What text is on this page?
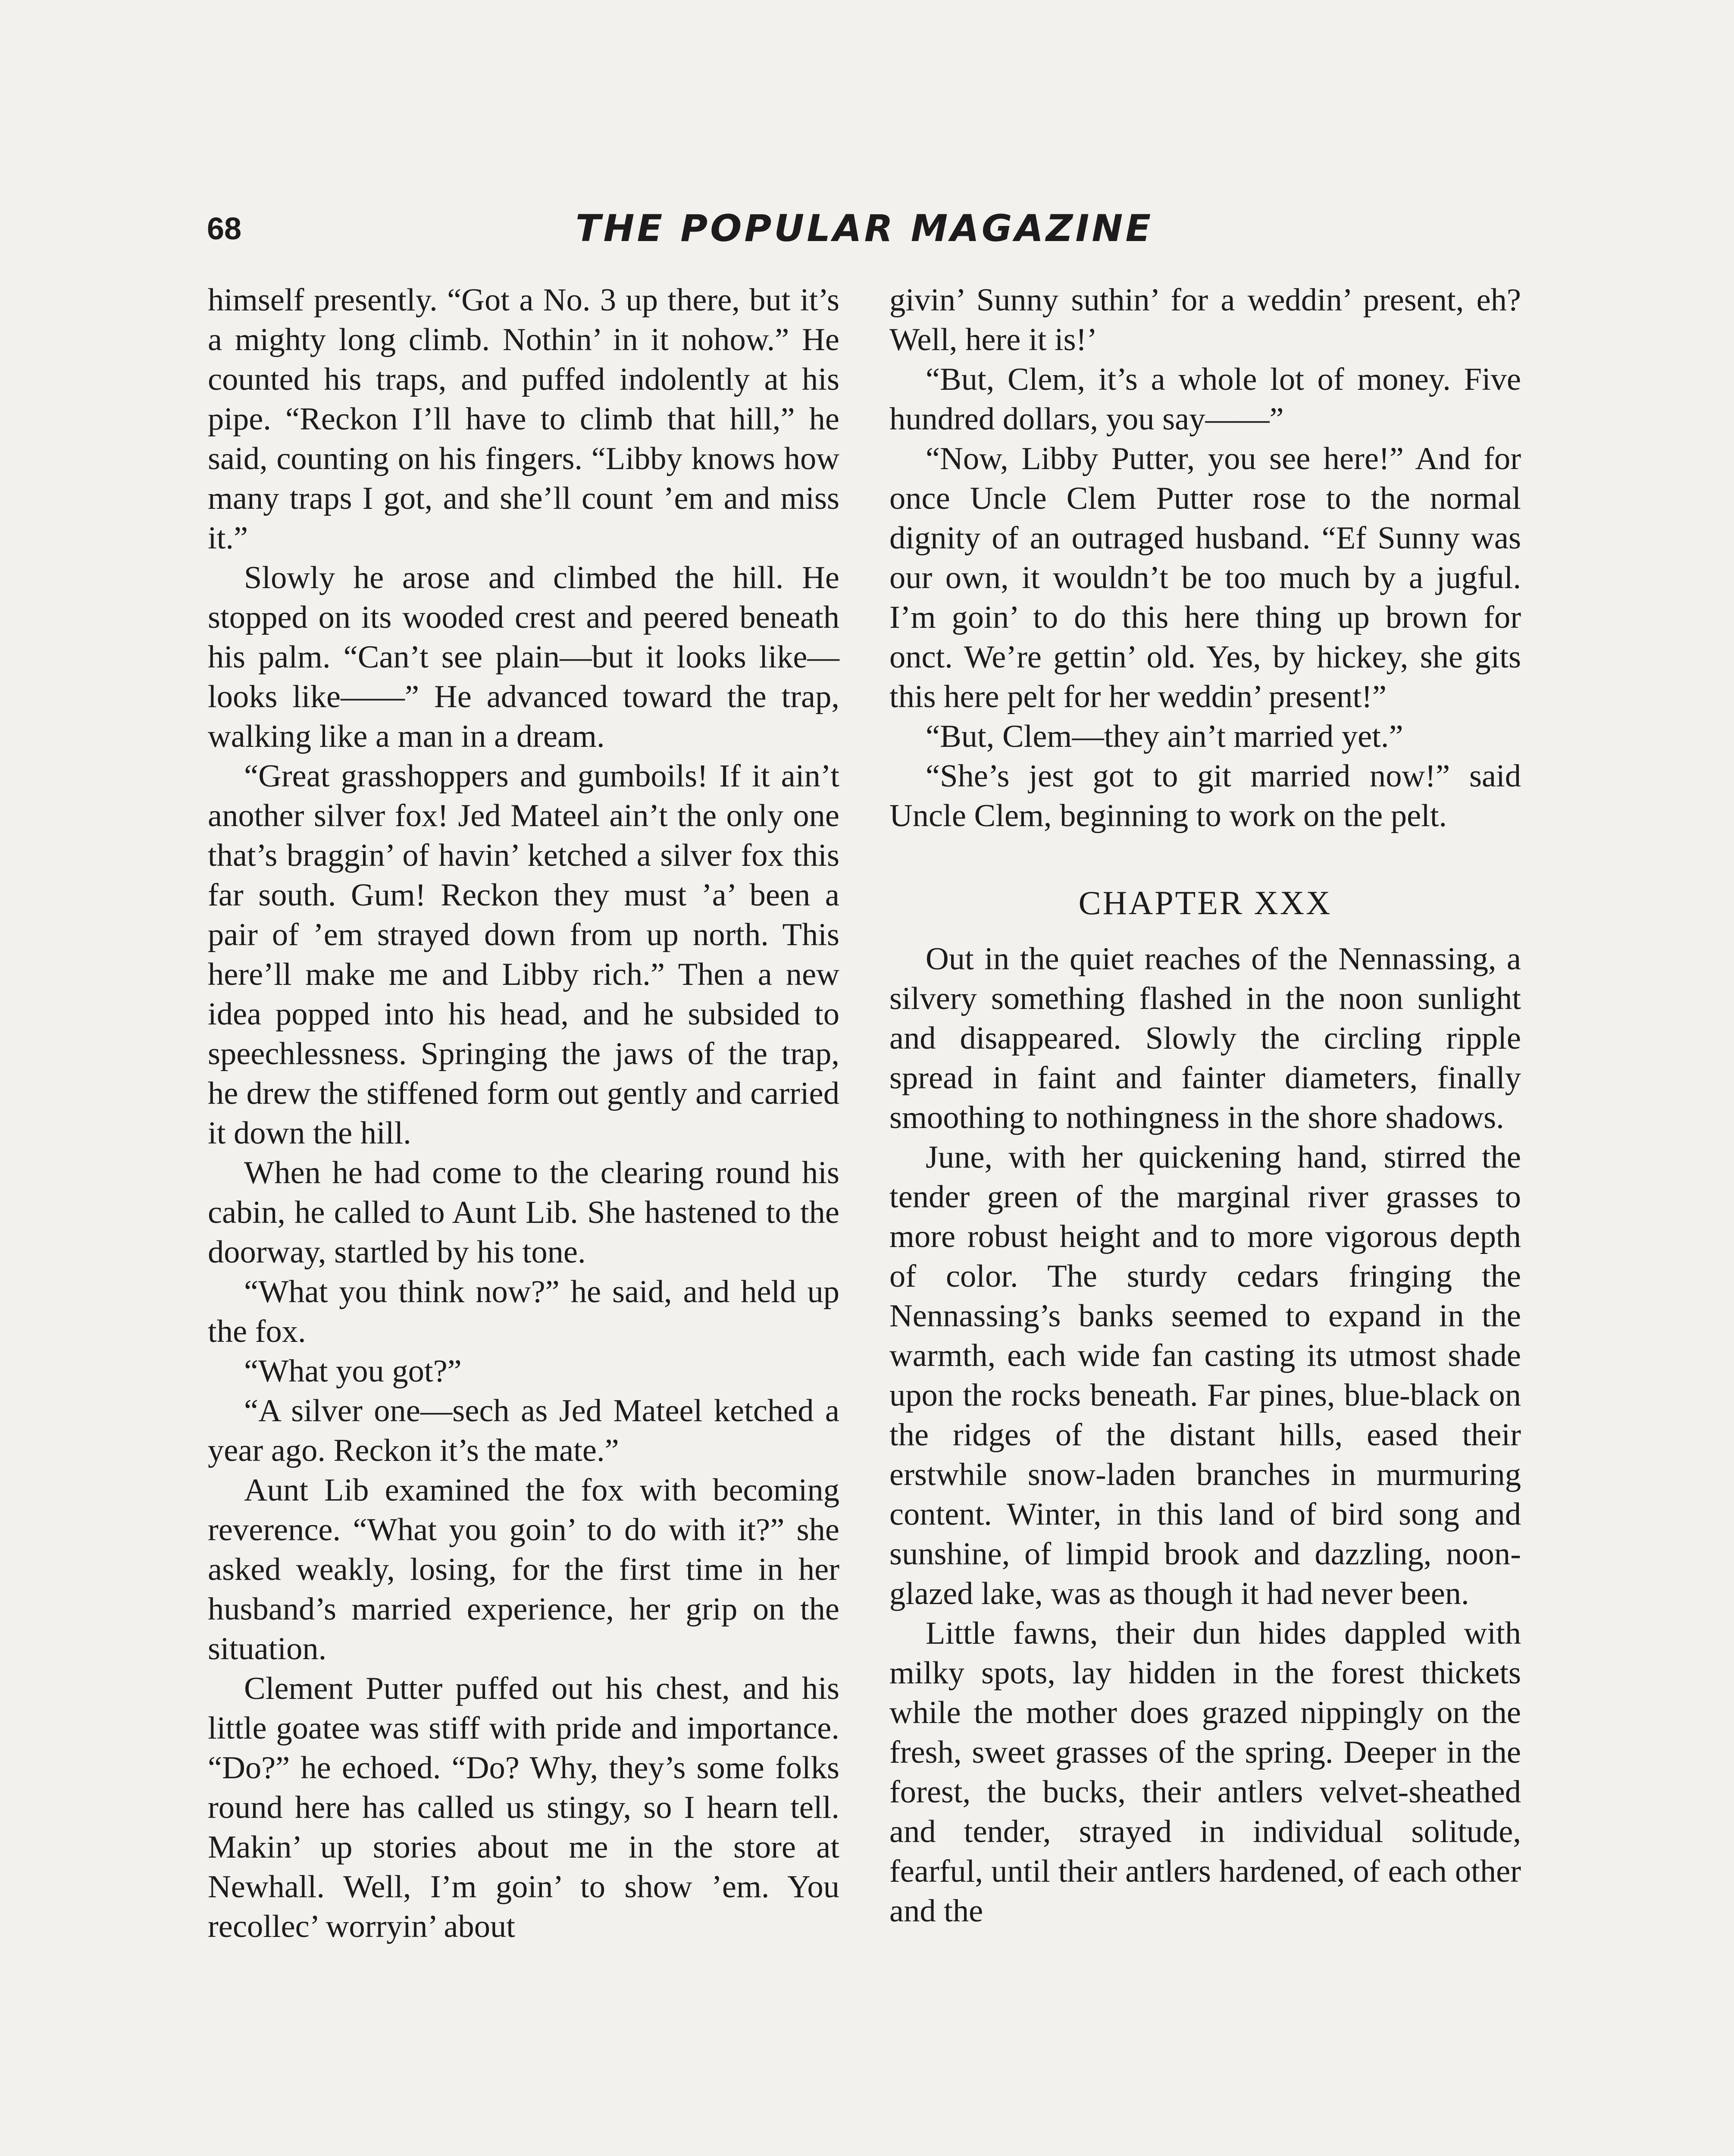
68	THE POPULAR MAGAZINE

himself presently. “Got a No. 3 up there, but it’s a mighty long climb. Nothin’ in it nohow.” He counted his traps, and puffed indolently at his pipe. “Reckon I’ll have to climb that hill,” he said, counting on his fingers. “Libby knows how many traps I got, and she’ll count ’em and miss it.”

Slowly he arose and climbed the hill. He stopped on its wooded crest and peered beneath his palm. “Can’t see plain—but it looks like—looks like——” He advanced toward the trap, walking like a man in a dream.

“Great grasshoppers and gumboils! If it ain’t another silver fox! Jed Mateel ain’t the only one that’s braggin’ of havin’ ketched a silver fox this far south. Gum! Reckon they must ’a’ been a pair of ’em strayed down from up north. This here’ll make me and Libby rich.” Then a new idea popped into his head, and he subsided to speechlessness. Springing the jaws of the trap, he drew the stiffened form out gently and carried it down the hill.

When he had come to the clearing round his cabin, he called to Aunt Lib. She hastened to the doorway, startled by his tone.

“What you think now?” he said, and held up the fox.

“What you got?”

“A silver one—sech as Jed Mateel ketched a year ago. Reckon it’s the mate.”

Aunt Lib examined the fox with becoming reverence. “What you goin’ to do with it?” she asked weakly, losing, for the first time in her husband’s married experience, her grip on the situation.

Clement Putter puffed out his chest, and his little goatee was stiff with pride and importance. “Do?” he echoed. “Do? Why, they’s some folks round here has called us stingy, so I hearn tell. Makin’ up stories about me in the store at Newhall. Well, I’m goin’ to show ’em. You recollec’ worryin’ about

givin’ Sunny suthin’ for a weddin’ present, eh? Well, here it is!’

“But, Clem, it’s a whole lot of money. Five hundred dollars, you say——”

“Now, Libby Putter, you see here!” And for once Uncle Clem Putter rose to the normal dignity of an outraged husband. “Ef Sunny was our own, it wouldn’t be too much by a jugful. I’m goin’ to do this here thing up brown for onct. We’re gettin’ old. Yes, by hickey, she gits this here pelt for her weddin’ present!”

“But, Clem—they ain’t married yet.”

“She’s jest got to git married now!” said Uncle Clem, beginning to work on the pelt.

CHAPTER XXX

Out in the quiet reaches of the Nennassing, a silvery something flashed in the noon sunlight and disappeared. Slowly the circling ripple spread in faint and fainter diameters, finally smoothing to nothingness in the shore shadows.

June, with her quickening hand, stirred the tender green of the marginal river grasses to more robust height and to more vigorous depth of color. The sturdy cedars fringing the Nennassing’s banks seemed to expand in the warmth, each wide fan casting its utmost shade upon the rocks beneath. Far pines, blue-black on the ridges of the distant hills, eased their erstwhile snow-laden branches in murmuring content. Winter, in this land of bird song and sunshine, of limpid brook and dazzling, noon-glazed lake, was as though it had never been.

Little fawns, their dun hides dappled with milky spots, lay hidden in the forest thickets while the mother does grazed nippingly on the fresh, sweet grasses of the spring. Deeper in the forest, the bucks, their antlers velvet-sheathed and tender, strayed in individual solitude, fearful, until their antlers hardened, of each other and the
